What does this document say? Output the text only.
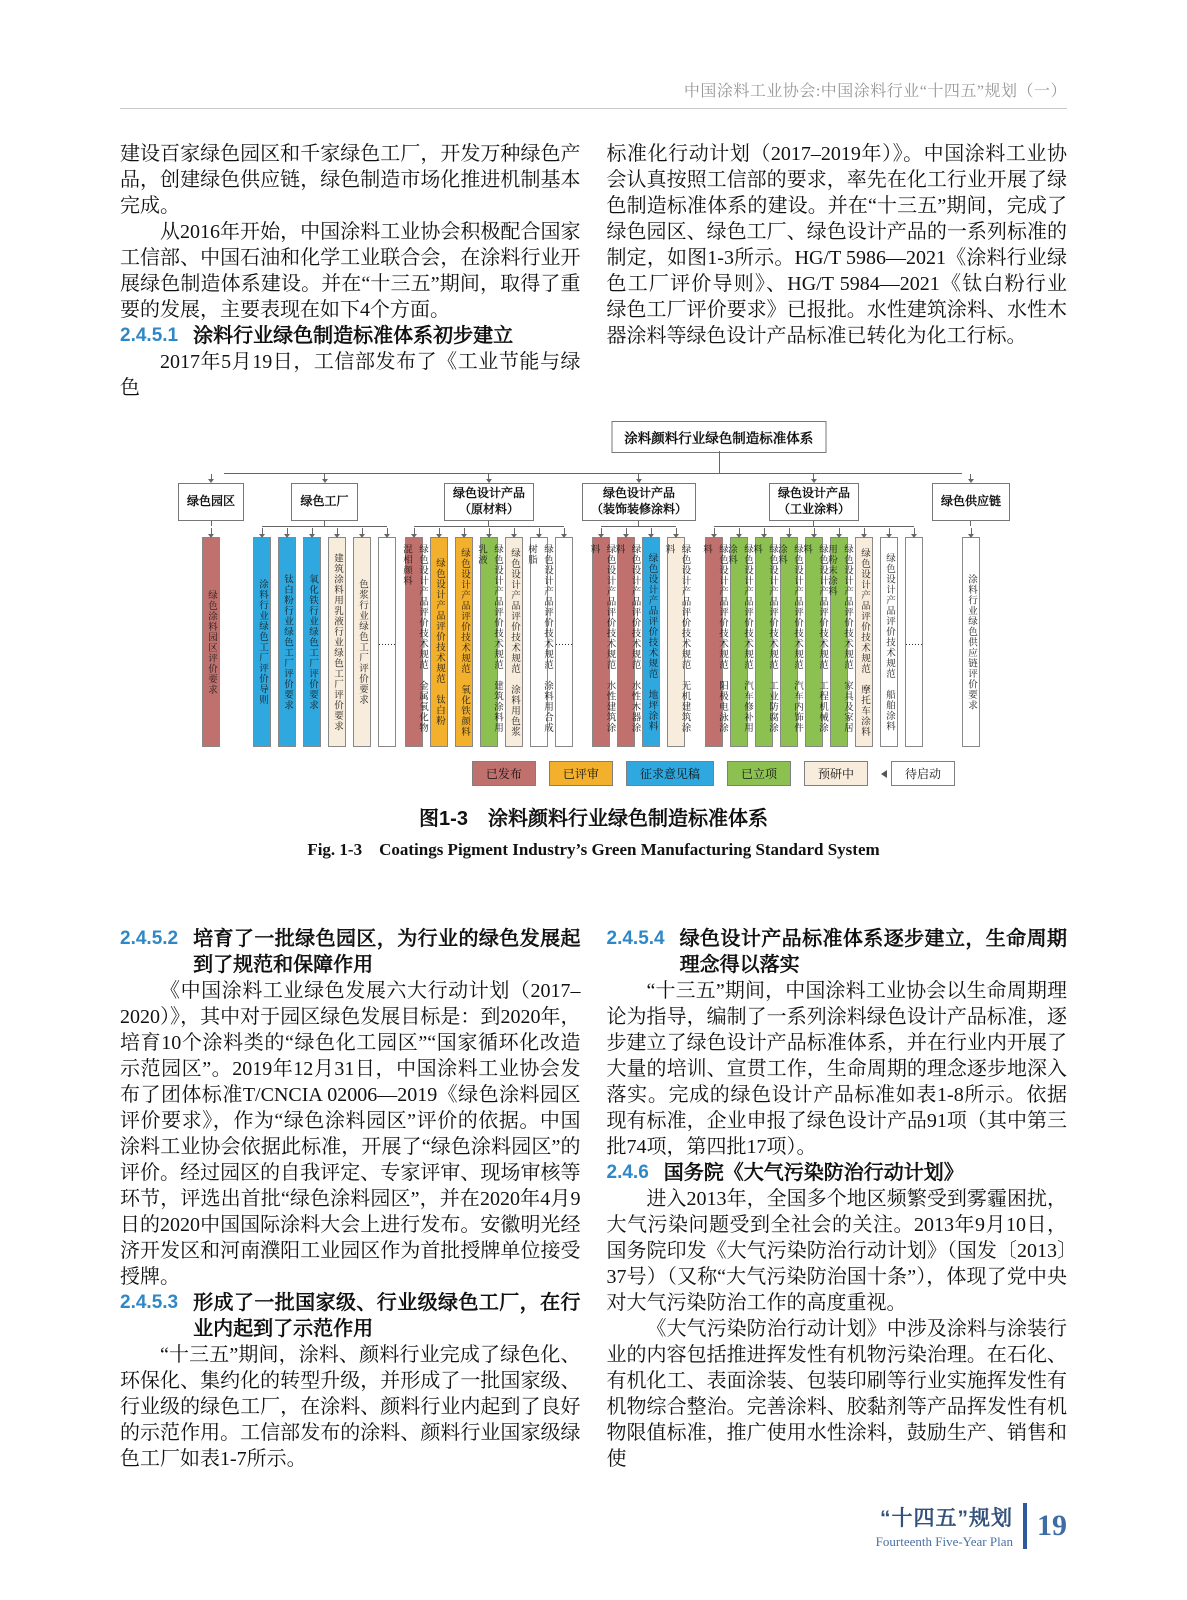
中国涂料工业协会:中国涂料行业“十四五”规划（一）

建设百家绿色园区和千家绿色工厂，开发万种绿色产品，创建绿色供应链，绿色制造市场化推进机制基本完成。

从2016年开始，中国涂料工业协会积极配合国家工信部、中国石油和化学工业联合会，在涂料行业开展绿色制造体系建设。并在“十三五”期间，取得了重要的发展，主要表现在如下4个方面。

2.4.5.1 涂料行业绿色制造标准体系初步建立

2017年5月19日，工信部发布了《工业节能与绿色

标准化行动计划（2017–2019年）》。中国涂料工业协会认真按照工信部的要求，率先在化工行业开展了绿色制造标准体系的建设。并在“十三五”期间，完成了绿色园区、绿色工厂、绿色设计产品的一系列标准的制定，如图1-3所示。HG/T 5986—2021《涂料行业绿色工厂评价导则》、HG/T 5984—2021《钛白粉行业绿色工厂评价要求》已报批。水性建筑涂料、水性木器涂料等绿色设计产品标准已转化为化工行标。

涂料颜料行业绿色制造标准体系
绿色园区
绿色涂料园区评价要求
绿色工厂
涂料行业绿色工厂评价导则	钛白粉行业绿色工厂评价要求	氧化铁行业绿色工厂评价要求	建筑涂料用乳液行业绿色工厂评价要求	色浆行业绿色工厂评价要求	……
绿色设计产品
（原材料）
绿色设计产品评价技术规范　金属氧化物混相颜料	绿色设计产品评价技术规范　钛白粉	绿色设计产品评价技术规范　氧化铁颜料	绿色设计产品评价技术规范　建筑涂料用乳液	绿色设计产品评价技术规范　涂料用色浆	绿色设计产品评价技术规范　涂料用合成树脂
……
绿色设计产品
（装饰装修涂料）
绿色设计产品评价技术规范　水性建筑涂料	绿色设计产品评价技术规范　水性木器涂料
绿色设计产品评价技术规范　地坪涂料	绿色设计产品评价技术规范　无机建筑涂料
绿色设计产品
（工业涂料）
绿色设计产品评价技术规范　阳极电泳涂料	绿色设计产品评价技术规范　汽车修补用涂料	绿色设计产品评价技术规范　工业防腐涂料	绿色设计产品评价技术规范　汽车内饰件涂料	绿色设计产品评价技术规范　工程机械涂料	绿色设计产品评价技术规范　家具及家居用粉末涂料	绿色设计产品评价技术规范　摩托车涂料	绿色设计产品评价技术规范　船舶涂料	……
绿色供应链
涂料行业绿色供应链评价要求
已发布	已评审	征求意见稿	已立项	预研中	待启动
图1-3　涂料颜料行业绿色制造标准体系
Fig. 1-3　Coatings Pigment Industry’s Green Manufacturing Standard System
2.4.5.2 培育了一批绿色园区，为行业的绿色发展起到了规范和保障作用

《中国涂料工业绿色发展六大行动计划（2017–2020）》，其中对于园区绿色发展目标是：到2020年，培育10个涂料类的“绿色化工园区”“国家循环化改造示范园区”。2019年12月31日，中国涂料工业协会发布了团体标准T/CNCIA 02006—2019《绿色涂料园区评价要求》，作为“绿色涂料园区”评价的依据。中国涂料工业协会依据此标准，开展了“绿色涂料园区”的评价。经过园区的自我评定、专家评审、现场审核等环节，评选出首批“绿色涂料园区”，并在2020年4月9日的2020中国国际涂料大会上进行发布。安徽明光经济开发区和河南濮阳工业园区作为首批授牌单位接受授牌。

2.4.5.3 形成了一批国家级、行业级绿色工厂，在行业内起到了示范作用

“十三五”期间，涂料、颜料行业完成了绿色化、环保化、集约化的转型升级，并形成了一批国家级、行业级的绿色工厂，在涂料、颜料行业内起到了良好的示范作用。工信部发布的涂料、颜料行业国家级绿色工厂如表1-7所示。

2.4.5.4 绿色设计产品标准体系逐步建立，生命周期理念得以落实

“十三五”期间，中国涂料工业协会以生命周期理论为指导，编制了一系列涂料绿色设计产品标准，逐步建立了绿色设计产品标准体系，并在行业内开展了大量的培训、宣贯工作，生命周期的理念逐步地深入落实。完成的绿色设计产品标准如表1-8所示。依据现有标准，企业申报了绿色设计产品91项（其中第三批74项，第四批17项）。

2.4.6 国务院《大气污染防治行动计划》

进入2013年，全国多个地区频繁受到雾霾困扰，大气污染问题受到全社会的关注。2013年9月10日，国务院印发《大气污染防治行动计划》（国发〔2013〕37号）（又称“大气污染防治国十条”），体现了党中央对大气污染防治工作的高度重视。

《大气污染防治行动计划》中涉及涂料与涂装行业的内容包括推进挥发性有机物污染治理。在石化、有机化工、表面涂装、包装印刷等行业实施挥发性有机物综合整治。完善涂料、胶黏剂等产品挥发性有机物限值标准，推广使用水性涂料，鼓励生产、销售和使

“十四五”规划
Fourteenth Five-Year Plan 19
